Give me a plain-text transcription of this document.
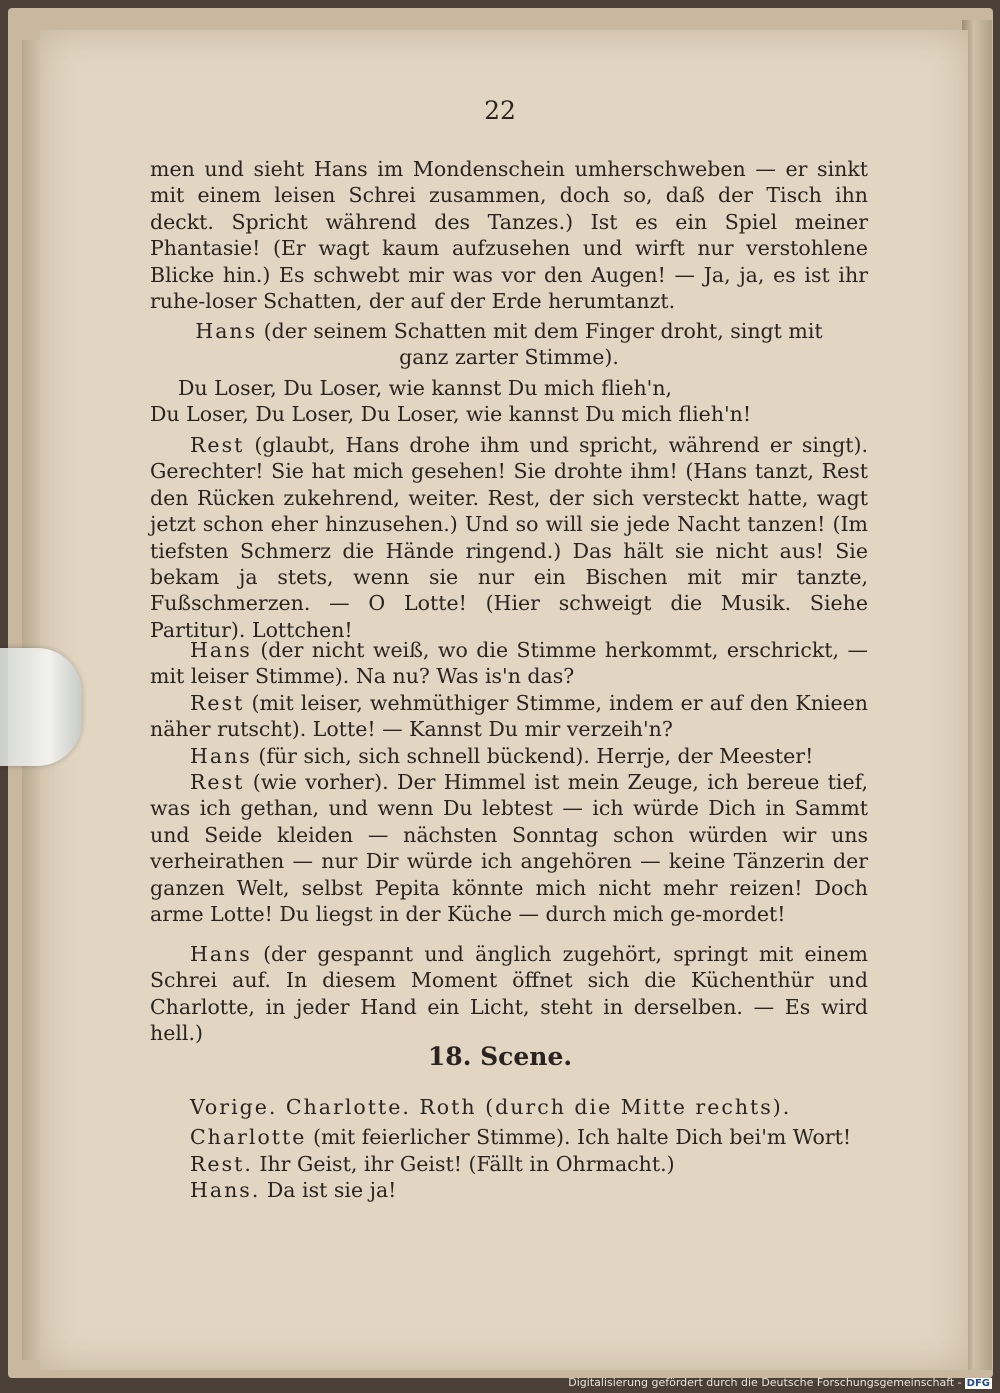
22

men und sieht Hans im Mondenschein umherschweben — er sinkt mit einem leisen Schrei zusammen, doch so, daß der Tisch ihn deckt. Spricht während des Tanzes.) Ist es ein Spiel meiner Phantasie! (Er wagt kaum aufzusehen und wirft nur verstohlene Blicke hin.) Es schwebt mir was vor den Augen! — Ja, ja, es ist ihr ruhe-loser Schatten, der auf der Erde herumtanzt.

Hans (der seinem Schatten mit dem Finger droht, singt mit

ganz zarter Stimme).

Du Loser, Du Loser, wie kannst Du mich flieh'n,

Du Loser, Du Loser, Du Loser, wie kannst Du mich flieh'n!

Rest (glaubt, Hans drohe ihm und spricht, während er singt). Gerechter! Sie hat mich gesehen! Sie drohte ihm! (Hans tanzt, Rest den Rücken zukehrend, weiter. Rest, der sich versteckt hatte, wagt jetzt schon eher hinzusehen.) Und so will sie jede Nacht tanzen! (Im tiefsten Schmerz die Hände ringend.) Das hält sie nicht aus! Sie bekam ja stets, wenn sie nur ein Bischen mit mir tanzte, Fußschmerzen. — O Lotte! (Hier schweigt die Musik. Siehe Partitur). Lottchen!

Hans (der nicht weiß, wo die Stimme herkommt, erschrickt, — mit leiser Stimme). Na nu? Was is'n das?

Rest (mit leiser, wehmüthiger Stimme, indem er auf den Knieen näher rutscht). Lotte! — Kannst Du mir verzeih'n?

Hans (für sich, sich schnell bückend). Herrje, der Meester!

Rest (wie vorher). Der Himmel ist mein Zeuge, ich bereue tief, was ich gethan, und wenn Du lebtest — ich würde Dich in Sammt und Seide kleiden — nächsten Sonntag schon würden wir uns verheirathen — nur Dir würde ich angehören — keine Tänzerin der ganzen Welt, selbst Pepita könnte mich nicht mehr reizen! Doch arme Lotte! Du liegst in der Küche — durch mich ge-mordet!

Hans (der gespannt und änglich zugehört, springt mit einem Schrei auf. In diesem Moment öffnet sich die Küchenthür und Charlotte, in jeder Hand ein Licht, steht in derselben. — Es wird hell.)

18. Scene.

Vorige. Charlotte. Roth (durch die Mitte rechts).

Charlotte (mit feierlicher Stimme). Ich halte Dich bei'm Wort!

Rest. Ihr Geist, ihr Geist! (Fällt in Ohrmacht.)

Hans. Da ist sie ja!

Digitalisierung gefördert durch die Deutsche Forschungsgemeinschaft - DFG
